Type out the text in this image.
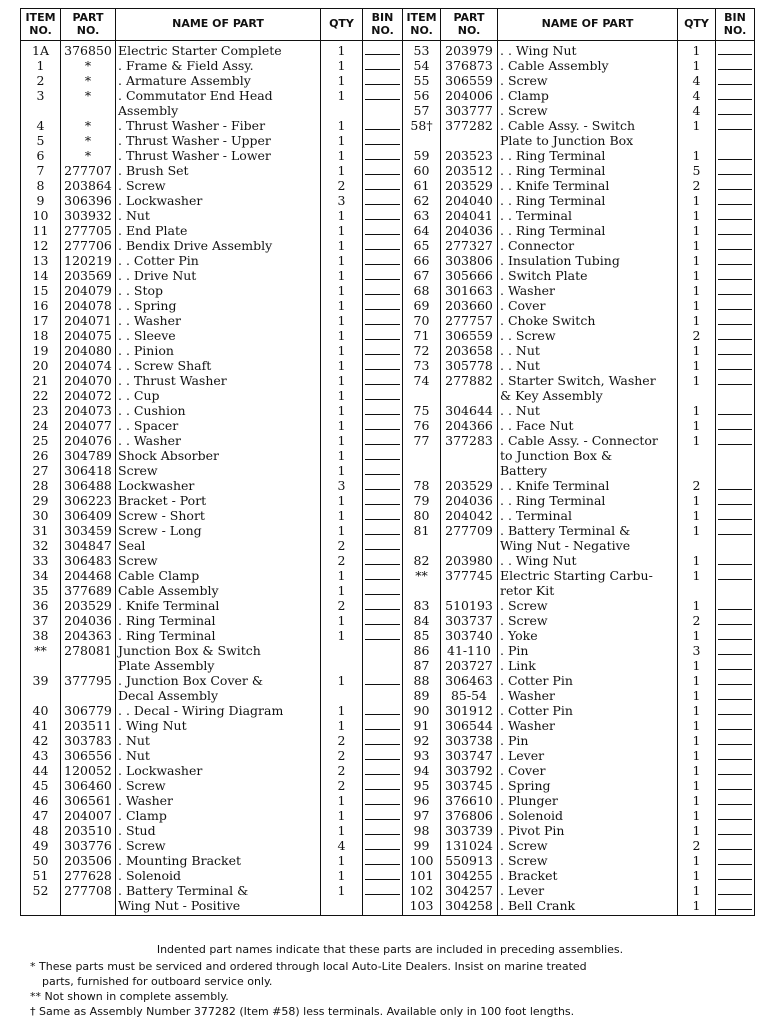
ITEM NO.	PART NO.	NAME OF PART	QTY	BIN NO.	ITEM NO.	PART NO.	NAME OF PART	QTY	BIN NO.
1A	376850	Electric Starter Complete	1		53	203979	. . Wing Nut	1	

1	*	. Frame & Field Assy.	1		54	376873	. Cable Assembly	1	

2	*	. Armature Assembly	1		55	306559	. Screw	4	

3	*	. Commutator End Head	1		56	204006	. Clamp	4	

		Assembly			57	303777	. Screw	4	

4	*	. Thrust Washer - Fiber	1		58†	377282	. Cable Assy. - Switch	1	

5	*	. Thrust Washer - Upper	1				Plate to Junction Box		
6	*	. Thrust Washer - Lower	1		59	203523	. . Ring Terminal	1	

7	277707	. Brush Set	1		60	203512	. . Ring Terminal	5	

8	203864	. Screw	2		61	203529	. . Knife Terminal	2	

9	306396	. Lockwasher	3		62	204040	. . Ring Terminal	1	

10	303932	. Nut	1		63	204041	. . Terminal	1	

11	277705	. End Plate	1		64	204036	. . Ring Terminal	1	

12	277706	. Bendix Drive Assembly	1		65	277327	. Connector	1	

13	120219	. . Cotter Pin	1		66	303806	. Insulation Tubing	1	

14	203569	. . Drive Nut	1		67	305666	. Switch Plate	1	

15	204079	. . Stop	1		68	301663	. Washer	1	

16	204078	. . Spring	1		69	203660	. Cover	1	

17	204071	. . Washer	1		70	277757	. Choke Switch	1	

18	204075	. . Sleeve	1		71	306559	. . Screw	2	

19	204080	. . Pinion	1		72	203658	. . Nut	1	

20	204074	. . Screw Shaft	1		73	305778	. . Nut	1	

21	204070	. . Thrust Washer	1		74	277882	. Starter Switch, Washer	1	

22	204072	. . Cup	1				& Key Assembly		
23	204073	. . Cushion	1		75	304644	. . Nut	1	

24	204077	. . Spacer	1		76	204366	. . Face Nut	1	

25	204076	. . Washer	1		77	377283	. Cable Assy. - Connector	1	

26	304789	Shock Absorber	1				to Junction Box &		
27	306418	Screw	1				Battery		
28	306488	Lockwasher	3		78	203529	. . Knife Terminal	2	

29	306223	Bracket - Port	1		79	204036	. . Ring Terminal	1	

30	306409	Screw - Short	1		80	204042	. . Terminal	1	

31	303459	Screw - Long	1		81	277709	. Battery Terminal &	1	

32	304847	Seal	2				Wing Nut - Negative		
33	306483	Screw	2		82	203980	. . Wing Nut	1	

34	204468	Cable Clamp	1		**	377745	Electric Starting Carbu-	1	

35	377689	Cable Assembly	1				retor Kit		
36	203529	. Knife Terminal	2		83	510193	. Screw	1	

37	204036	. Ring Terminal	1		84	303737	. Screw	2	

38	204363	. Ring Terminal	1		85	303740	. Yoke	1	

**	278081	Junction Box & Switch			86	41-110	. Pin	3	

		Plate Assembly			87	203727	. Link	1	

39	377795	. Junction Box Cover &	1		88	306463	. Cotter Pin	1	

		Decal Assembly			89	85-54	. Washer	1	

40	306779	. . Decal - Wiring Diagram	1		90	301912	. Cotter Pin	1	

41	203511	. Wing Nut	1		91	306544	. Washer	1	

42	303783	. Nut	2		92	303738	. Pin	1	

43	306556	. Nut	2		93	303747	. Lever	1	

44	120052	. Lockwasher	2		94	303792	. Cover	1	

45	306460	. Screw	2		95	303745	. Spring	1	

46	306561	. Washer	1		96	376610	. Plunger	1	

47	204007	. Clamp	1		97	376806	. Solenoid	1	

48	203510	. Stud	1		98	303739	. Pivot Pin	1	

49	303776	. Screw	4		99	131024	. Screw	2	

50	203506	. Mounting Bracket	1		100	550913	. Screw	1	

51	277628	. Solenoid	1		101	304255	. Bracket	1	

52	277708	. Battery Terminal &	1		102	304257	. Lever	1	

		Wing Nut - Positive			103	304258	. Bell Crank	1	

Indented part names indicate that these parts are included in preceding assemblies.

* These parts must be serviced and ordered through local Auto-Lite Dealers. Insist on marine treated

parts, furnished for outboard service only.

** Not shown in complete assembly.

† Same as Assembly Number 377282 (Item #58) less terminals. Available only in 100 foot lengths.
